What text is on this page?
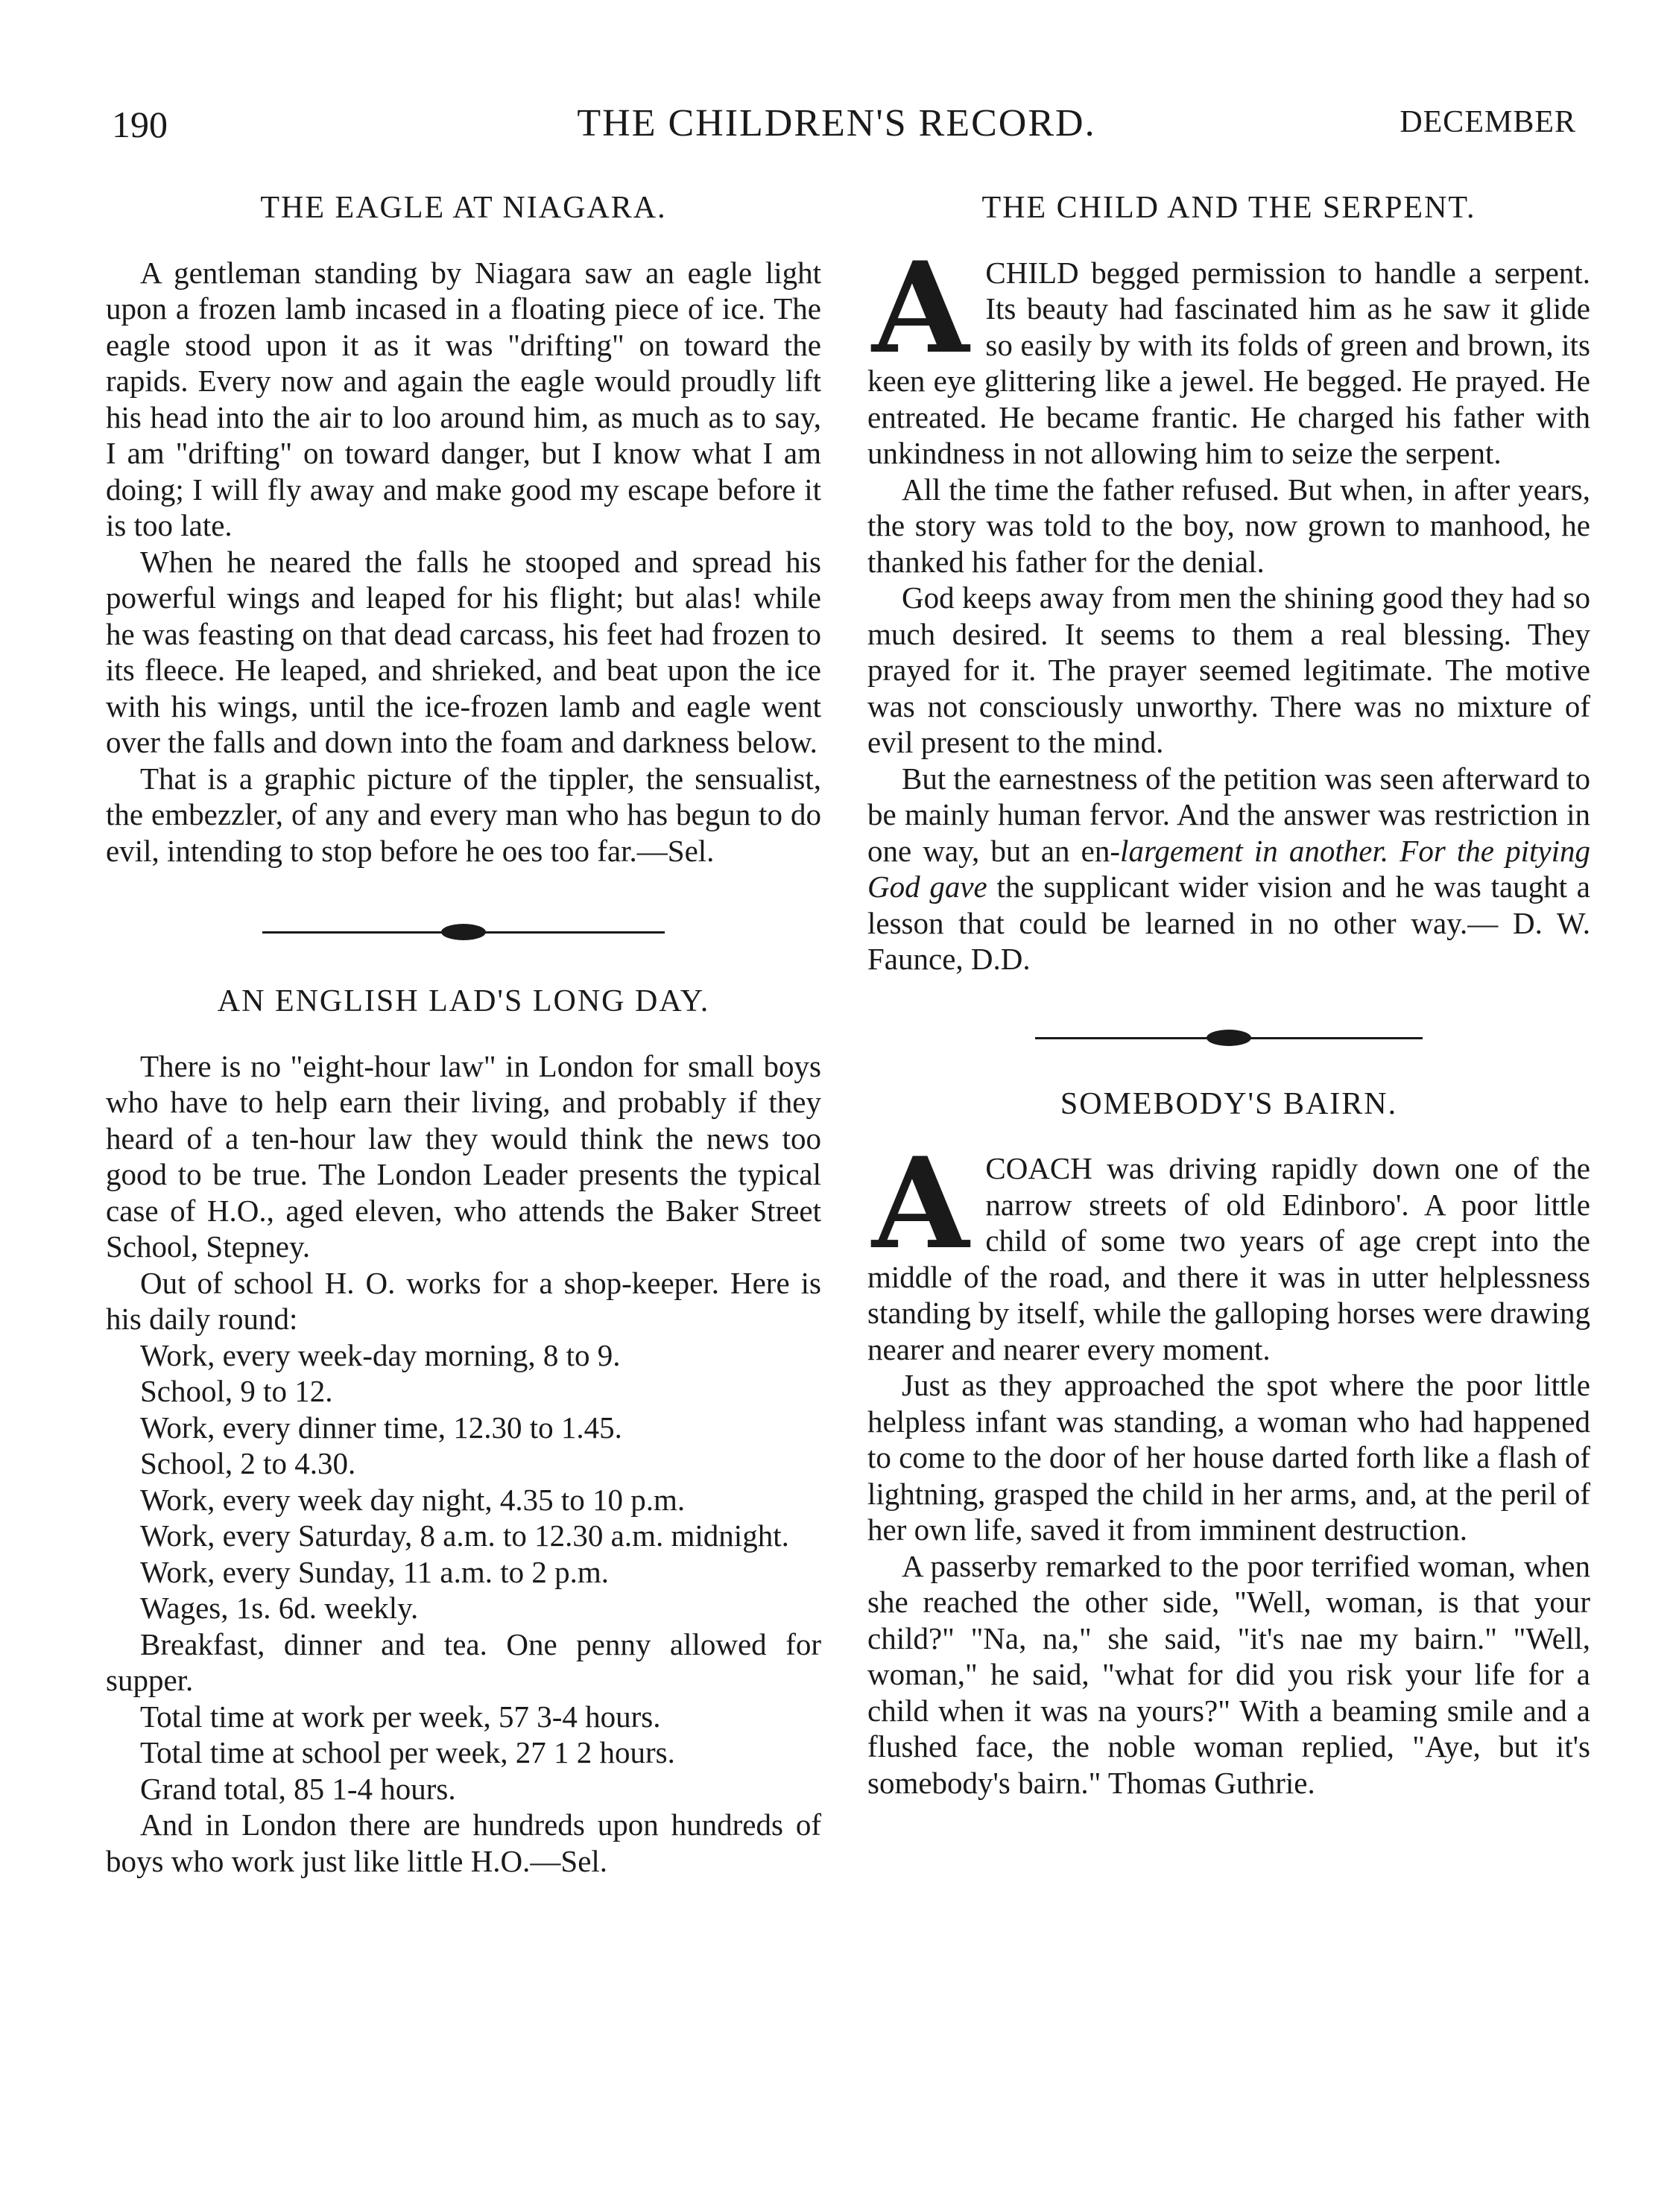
190	THE CHILDREN'S RECORD.	DECEMBER
THE EAGLE AT NIAGARA.

A gentleman standing by Niagara saw an eagle light upon a frozen lamb incased in a floating piece of ice. The eagle stood upon it as it was "drifting" on toward the rapids. Every now and again the eagle would proudly lift his head into the air to loo around him, as much as to say, I am "drifting" on toward danger, but I know what I am doing; I will fly away and make good my escape before it is too late.

When he neared the falls he stooped and spread his powerful wings and leaped for his flight; but alas! while he was feasting on that dead carcass, his feet had frozen to its fleece. He leaped, and shrieked, and beat upon the ice with his wings, until the ice-frozen lamb and eagle went over the falls and down into the foam and darkness below.

That is a graphic picture of the tippler, the sensualist, the embezzler, of any and every man who has begun to do evil, intending to stop before he oes too far.—Sel.

AN ENGLISH LAD'S LONG DAY.

There is no "eight-hour law" in London for small boys who have to help earn their living, and probably if they heard of a ten-hour law they would think the news too good to be true. The London Leader presents the typical case of H.O., aged eleven, who attends the Baker Street School, Stepney.

Out of school H. O. works for a shop-keeper. Here is his daily round:

Work, every week-day morning, 8 to 9.

School, 9 to 12.

Work, every dinner time, 12.30 to 1.45.

School, 2 to 4.30.

Work, every week day night, 4.35 to 10 p.m.

Work, every Saturday, 8 a.m. to 12.30 a.m. midnight.

Work, every Sunday, 11 a.m. to 2 p.m.

Wages, 1s. 6d. weekly.

Breakfast, dinner and tea. One penny allowed for supper.

Total time at work per week, 57 3-4 hours.

Total time at school per week, 27 1 2 hours.

Grand total, 85 1-4 hours.

And in London there are hundreds upon hundreds of boys who work just like little H.O.—Sel.

THE CHILD AND THE SERPENT.

ACHILD begged permission to handle a serpent. Its beauty had fascinated him as he saw it glide so easily by with its folds of green and brown, its keen eye glittering like a jewel. He begged. He prayed. He entreated. He became frantic. He charged his father with unkindness in not allowing him to seize the serpent.

All the time the father refused. But when, in after years, the story was told to the boy, now grown to manhood, he thanked his father for the denial.

God keeps away from men the shining good they had so much desired. It seems to them a real blessing. They prayed for it. The prayer seemed legitimate. The motive was not consciously unworthy. There was no mixture of evil present to the mind.

But the earnestness of the petition was seen afterward to be mainly human fervor. And the answer was restriction in one way, but an en-largement in another. For the pitying God gave the supplicant wider vision and he was taught a lesson that could be learned in no other way.— D. W. Faunce, D.D.

SOMEBODY'S BAIRN.

ACOACH was driving rapidly down one of the narrow streets of old Edinboro'. A poor little child of some two years of age crept into the middle of the road, and there it was in utter helplessness standing by itself, while the galloping horses were drawing nearer and nearer every moment.

Just as they approached the spot where the poor little helpless infant was standing, a woman who had happened to come to the door of her house darted forth like a flash of lightning, grasped the child in her arms, and, at the peril of her own life, saved it from imminent destruction.

A passerby remarked to the poor terrified woman, when she reached the other side, "Well, woman, is that your child?" "Na, na," she said, "it's nae my bairn." "Well, woman," he said, "what for did you risk your life for a child when it was na yours?" With a beaming smile and a flushed face, the noble woman replied, "Aye, but it's somebody's bairn." Thomas Guthrie.
